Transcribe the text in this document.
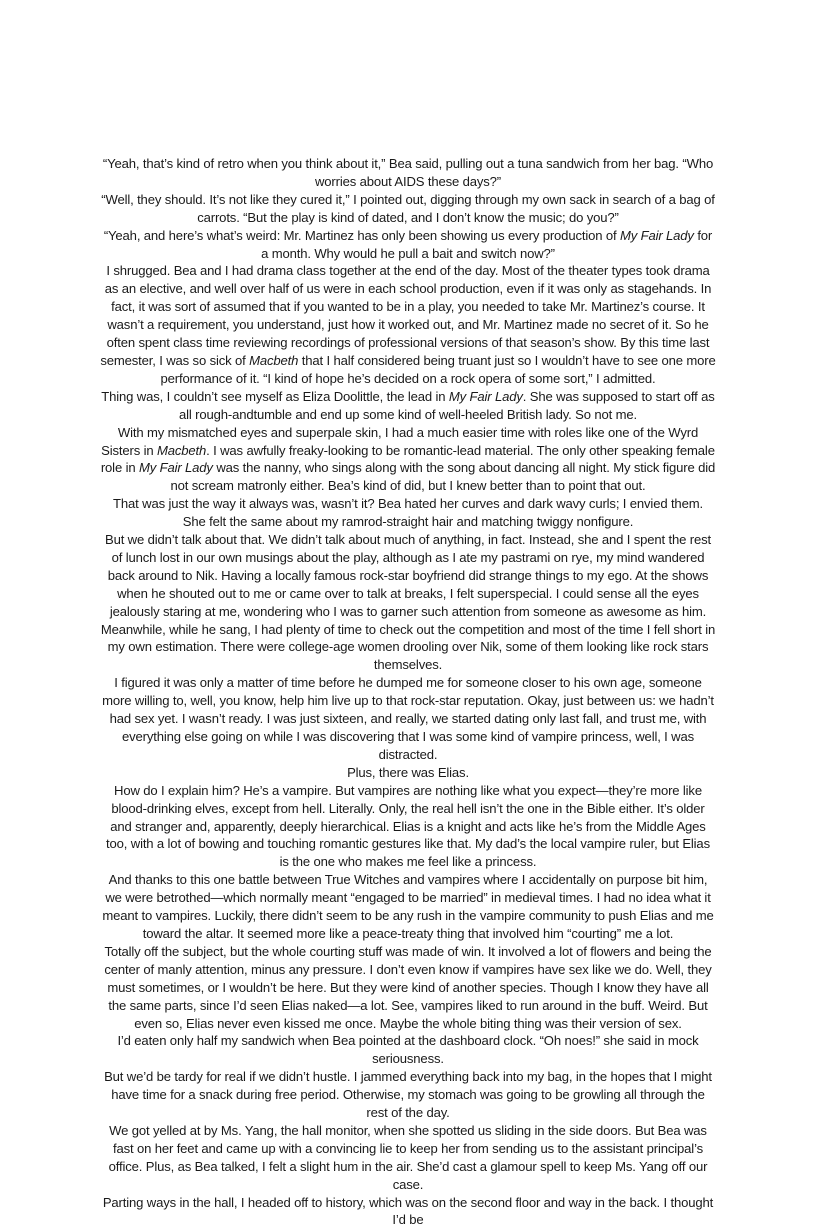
“Yeah, that’s kind of retro when you think about it,” Bea said, pulling out a tuna sandwich from her bag. “Who worries about AIDS these days?”

“Well, they should. It’s not like they cured it,” I pointed out, digging through my own sack in search of a bag of carrots. “But the play is kind of dated, and I don’t know the music; do you?”

“Yeah, and here’s what’s weird: Mr. Martinez has only been showing us every production of My Fair Lady for a month. Why would he pull a bait and switch now?”

I shrugged. Bea and I had drama class together at the end of the day. Most of the theater types took drama as an elective, and well over half of us were in each school production, even if it was only as stagehands. In fact, it was sort of assumed that if you wanted to be in a play, you needed to take Mr. Martinez’s course. It wasn’t a requirement, you understand, just how it worked out, and Mr. Martinez made no secret of it. So he often spent class time reviewing recordings of professional versions of that season’s show. By this time last semester, I was so sick of Macbeth that I half considered being truant just so I wouldn’t have to see one more performance of it. “I kind of hope he’s decided on a rock opera of some sort,” I admitted.

Thing was, I couldn’t see myself as Eliza Doolittle, the lead in My Fair Lady. She was supposed to start off as all rough-andtumble and end up some kind of well-heeled British lady. So not me.

With my mismatched eyes and superpale skin, I had a much easier time with roles like one of the Wyrd Sisters in Macbeth. I was awfully freaky-looking to be romantic-lead material. The only other speaking female role in My Fair Lady was the nanny, who sings along with the song about dancing all night. My stick figure did not scream matronly either. Bea’s kind of did, but I knew better than to point that out.

That was just the way it always was, wasn’t it? Bea hated her curves and dark wavy curls; I envied them. She felt the same about my ramrod-straight hair and matching twiggy nonfigure.

But we didn’t talk about that. We didn’t talk about much of anything, in fact. Instead, she and I spent the rest of lunch lost in our own musings about the play, although as I ate my pastrami on rye, my mind wandered back around to Nik. Having a locally famous rock-star boyfriend did strange things to my ego. At the shows when he shouted out to me or came over to talk at breaks, I felt superspecial. I could sense all the eyes jealously staring at me, wondering who I was to garner such attention from someone as awesome as him. Meanwhile, while he sang, I had plenty of time to check out the competition and most of the time I fell short in my own estimation. There were college-age women drooling over Nik, some of them looking like rock stars themselves.

I figured it was only a matter of time before he dumped me for someone closer to his own age, someone more willing to, well, you know, help him live up to that rock-star reputation. Okay, just between us: we hadn’t had sex yet. I wasn’t ready. I was just sixteen, and really, we started dating only last fall, and trust me, with everything else going on while I was discovering that I was some kind of vampire princess, well, I was distracted.

Plus, there was Elias.

How do I explain him? He’s a vampire. But vampires are nothing like what you expect—they’re more like blood-drinking elves, except from hell. Literally. Only, the real hell isn’t the one in the Bible either. It’s older and stranger and, apparently, deeply hierarchical. Elias is a knight and acts like he’s from the Middle Ages too, with a lot of bowing and touching romantic gestures like that. My dad’s the local vampire ruler, but Elias is the one who makes me feel like a princess.

And thanks to this one battle between True Witches and vampires where I accidentally on purpose bit him, we were betrothed—which normally meant “engaged to be married” in medieval times. I had no idea what it meant to vampires. Luckily, there didn’t seem to be any rush in the vampire community to push Elias and me toward the altar. It seemed more like a peace-treaty thing that involved him “courting” me a lot.

Totally off the subject, but the whole courting stuff was made of win. It involved a lot of flowers and being the center of manly attention, minus any pressure. I don’t even know if vampires have sex like we do. Well, they must sometimes, or I wouldn’t be here. But they were kind of another species. Though I know they have all the same parts, since I’d seen Elias naked—a lot. See, vampires liked to run around in the buff. Weird. But even so, Elias never even kissed me once. Maybe the whole biting thing was their version of sex.

I’d eaten only half my sandwich when Bea pointed at the dashboard clock. “Oh noes!” she said in mock seriousness.

But we’d be tardy for real if we didn’t hustle. I jammed everything back into my bag, in the hopes that I might have time for a snack during free period. Otherwise, my stomach was going to be growling all through the rest of the day.

We got yelled at by Ms. Yang, the hall monitor, when she spotted us sliding in the side doors. But Bea was fast on her feet and came up with a convincing lie to keep her from sending us to the assistant principal’s office. Plus, as Bea talked, I felt a slight hum in the air. She’d cast a glamour spell to keep Ms. Yang off our case.

Parting ways in the hall, I headed off to history, which was on the second floor and way in the back. I thought I’d be
